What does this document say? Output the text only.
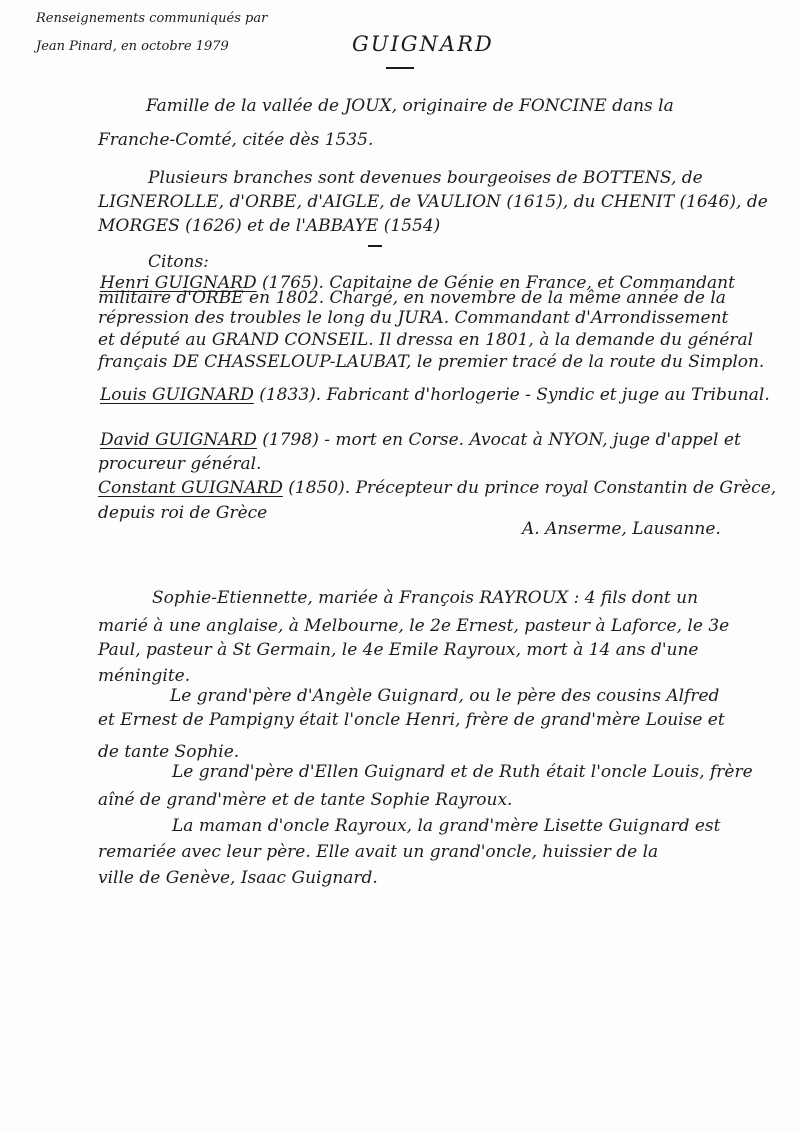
Renseignements communiqués par
Jean Pinard, en octobre 1979	GUIGNARD
Famille de la vallée de JOUX, originaire de FONCINE dans la
Franche-Comté, citée dès 1535.
Plusieurs branches sont devenues bourgeoises de BOTTENS, de
LIGNEROLLE, d'ORBE, d'AIGLE, de VAULION (1615), du CHENIT (1646), de
MORGES (1626) et de l'ABBAYE (1554)
Citons:
Henri GUIGNARD (1765). Capitaine de Génie en France, et Commandant
militaire d'ORBE en 1802. Chargé, en novembre de la même année de la
répression des troubles le long du JURA. Commandant d'Arrondissement
et député au GRAND CONSEIL. Il dressa en 1801, à la demande du général
français DE CHASSELOUP-LAUBAT, le premier tracé de la route du Simplon.
Louis GUIGNARD (1833). Fabricant d'horlogerie - Syndic et juge au Tribunal.
David GUIGNARD (1798) - mort en Corse. Avocat à NYON, juge d'appel et
procureur général.
Constant GUIGNARD (1850). Précepteur du prince royal Constantin de Grèce,
depuis roi de Grèce
A. Anserme, Lausanne.
Sophie-Etiennette, mariée à François RAYROUX : 4 fils dont un
marié à une anglaise, à Melbourne, le 2e Ernest, pasteur à Laforce, le 3e
Paul, pasteur à St Germain, le 4e Emile Rayroux, mort à 14 ans d'une
méningite.
Le grand'père d'Angèle Guignard, ou le père des cousins Alfred
et Ernest de Pampigny était l'oncle Henri, frère de grand'mère Louise et
de tante Sophie.
Le grand'père d'Ellen Guignard et de Ruth était l'oncle Louis, frère
aîné de grand'mère et de tante Sophie Rayroux.
La maman d'oncle Rayroux, la grand'mère Lisette Guignard est
remariée avec leur père. Elle avait un grand'oncle, huissier de la
ville de Genève, Isaac Guignard.
